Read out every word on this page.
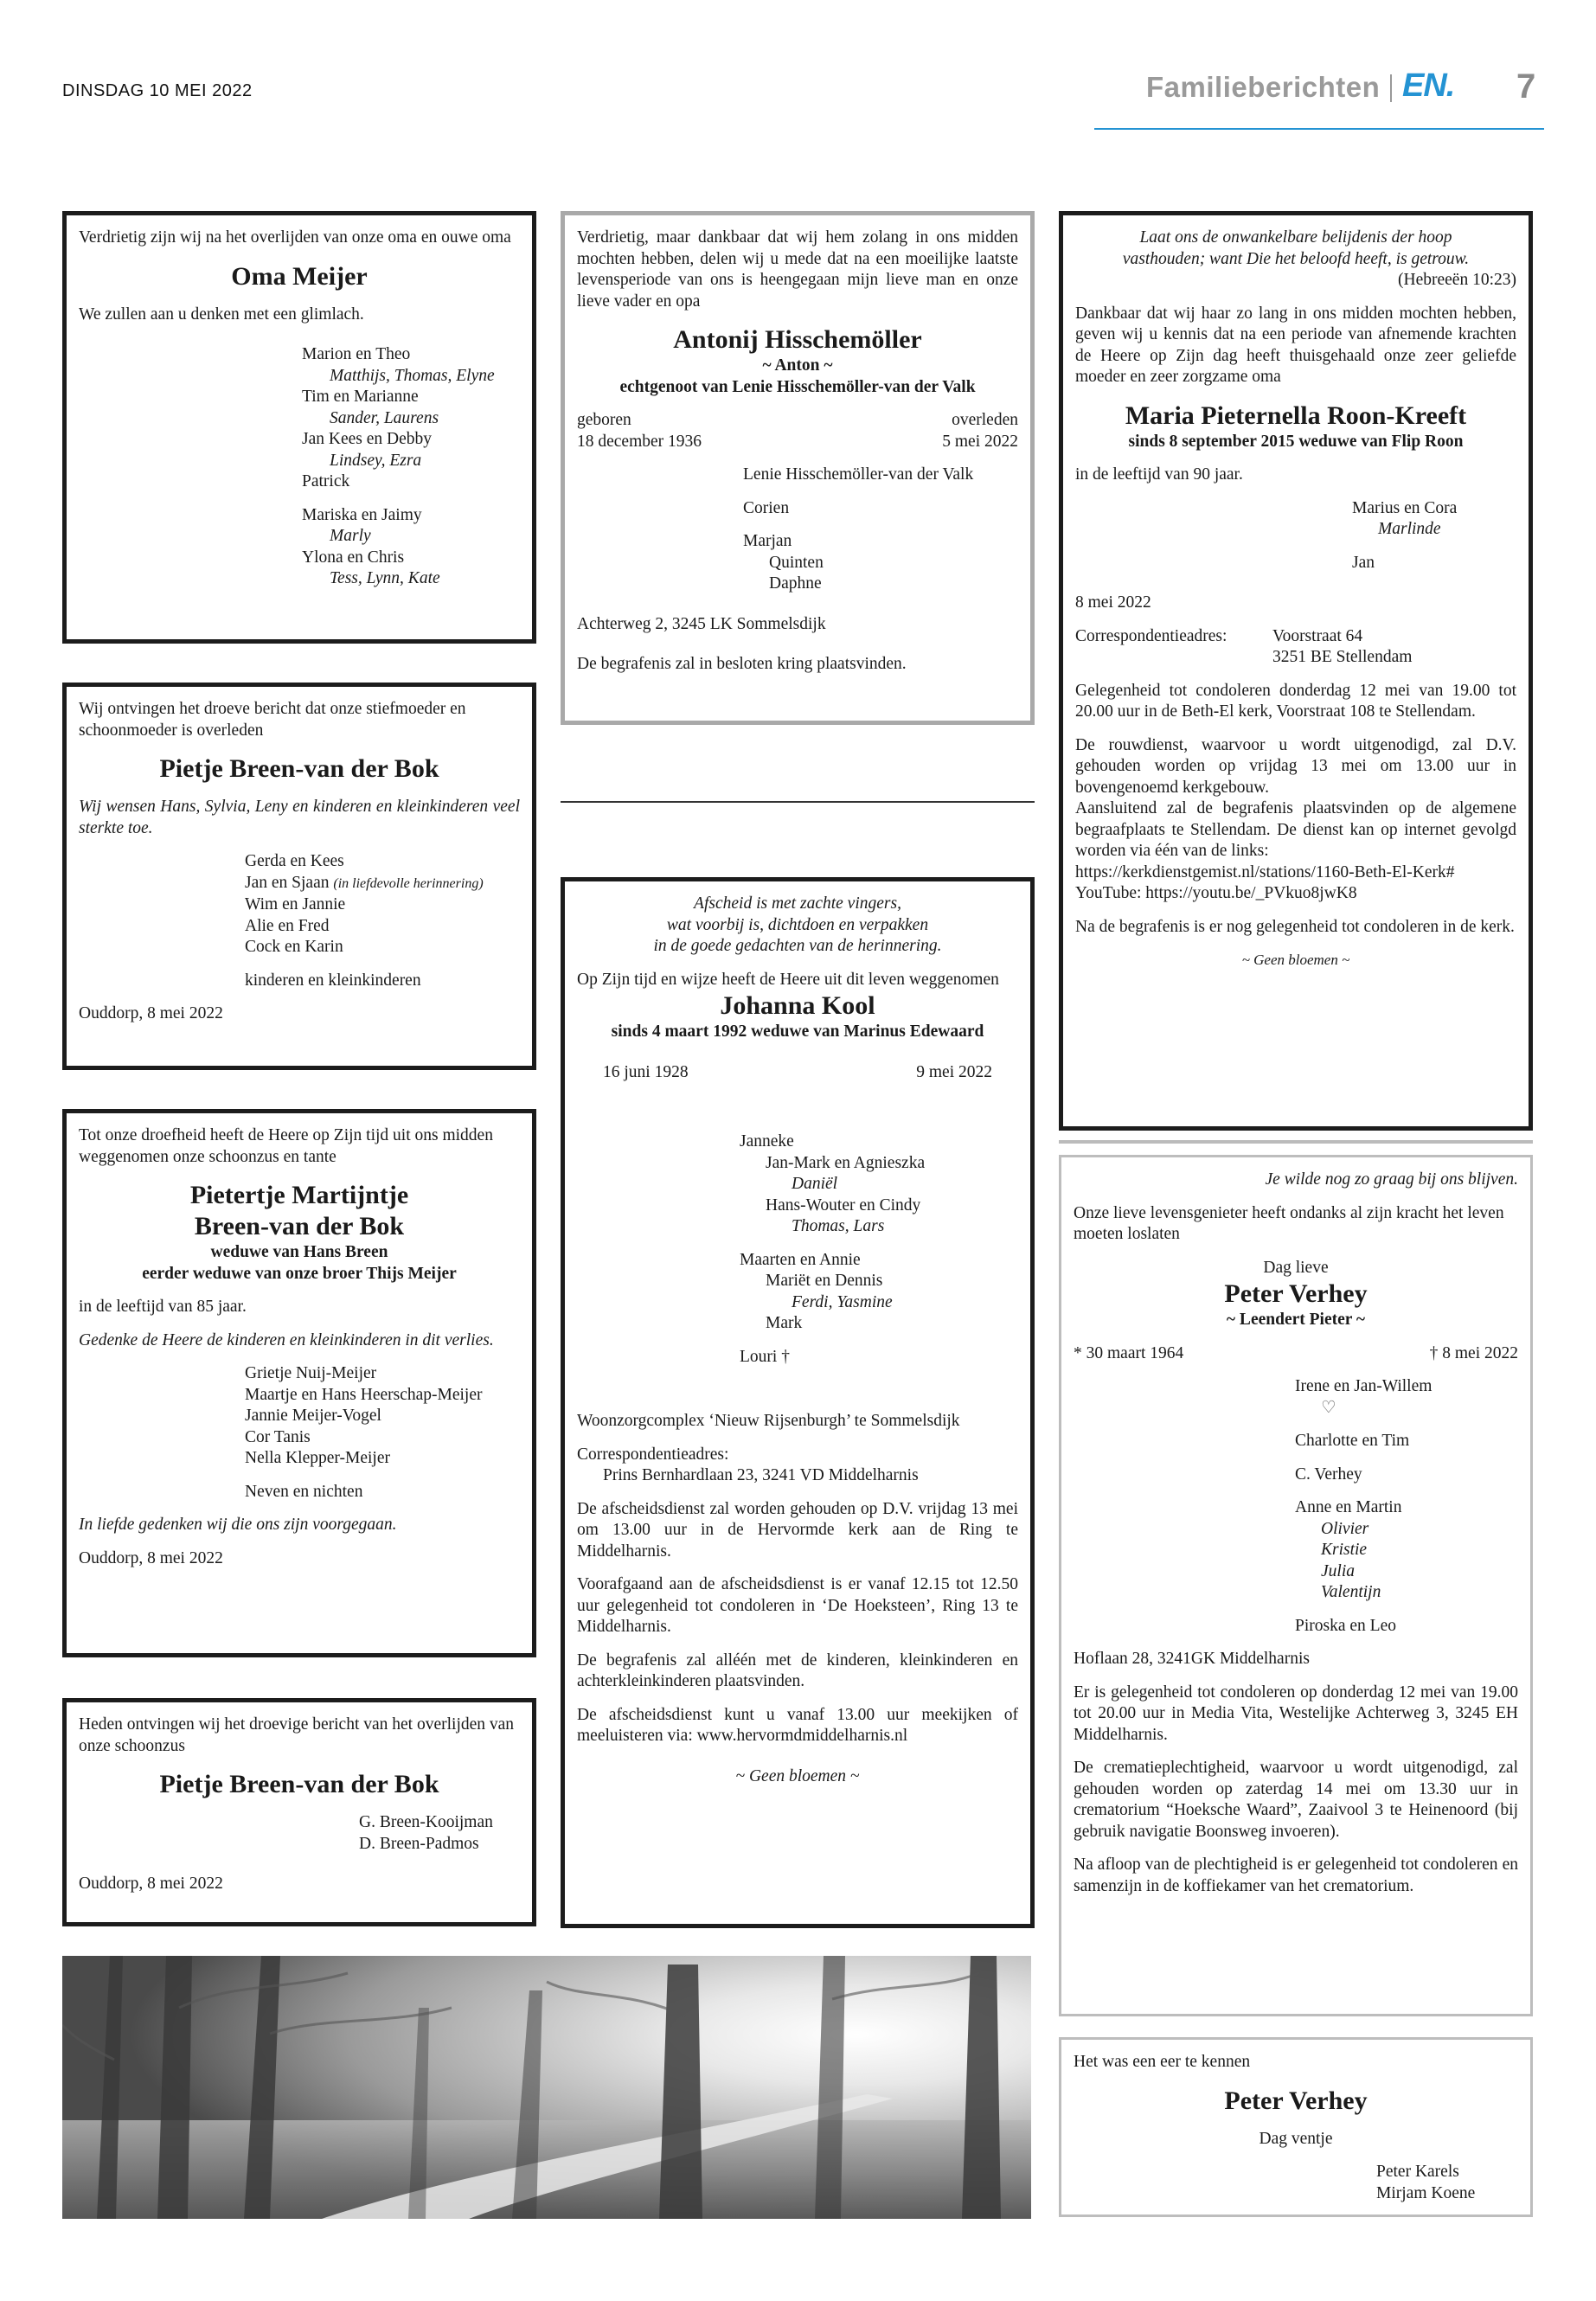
DINSDAG 10 MEI 2022	Familieberichten EN. 7

Verdrietig zijn wij na het overlijden van onze oma en ouwe oma

Oma Meijer

We zullen aan u denken met een glimlach.

Marion en Theo

Matthijs, Thomas, Elyne

Tim en Marianne

Sander, Laurens

Jan Kees en Debby

Lindsey, Ezra

Patrick

Mariska en Jaimy

Marly

Ylona en Chris

Tess, Lynn, Kate

Wij ontvingen het droeve bericht dat onze stiefmoeder en schoonmoeder is overleden

Pietje Breen-van der Bok

Wij wensen Hans, Sylvia, Leny en kinderen en kleinkinderen veel sterkte toe.

Gerda en Kees

Jan en Sjaan (in liefdevolle herinnering)

Wim en Jannie

Alie en Fred

Cock en Karin

kinderen en kleinkinderen

Ouddorp, 8 mei 2022

Tot onze droefheid heeft de Heere op Zijn tijd uit ons midden weggenomen onze schoonzus en tante

Pietertje Martijntje

Breen-van der Bok

weduwe van Hans Breen

eerder weduwe van onze broer Thijs Meijer

in de leeftijd van 85 jaar.

Gedenke de Heere de kinderen en kleinkinderen in dit verlies.

Grietje Nuij-Meijer

Maartje en Hans Heerschap-Meijer

Jannie Meijer-Vogel

Cor Tanis

Nella Klepper-Meijer

Neven en nichten

In liefde gedenken wij die ons zijn voorgegaan.

Ouddorp, 8 mei 2022

Heden ontvingen wij het droevige bericht van het overlijden van onze schoonzus

Pietje Breen-van der Bok

G. Breen-Kooijman

D. Breen-Padmos

Ouddorp, 8 mei 2022

Verdrietig, maar dankbaar dat wij hem zolang in ons midden mochten hebben, delen wij u mede dat na een moeilijke laatste levensperiode van ons is heengegaan mijn lieve man en onze lieve vader en opa

Antonij Hisschemöller

~ Anton ~

echtgenoot van Lenie Hisschemöller-van der Valk

geboren

18 december 1936

overleden

5 mei 2022

Lenie Hisschemöller-van der Valk

Corien

Marjan

Quinten

Daphne

Achterweg 2, 3245 LK Sommelsdijk

De begrafenis zal in besloten kring plaatsvinden.

Afscheid is met zachte vingers,

wat voorbij is, dichtdoen en verpakken

in de goede gedachten van de herinnering.

Op Zijn tijd en wijze heeft de Heere uit dit leven weggenomen

Johanna Kool

sinds 4 maart 1992 weduwe van Marinus Edewaard

16 juni 1928	9 mei 2022

Janneke

Jan-Mark en Agnieszka

Daniël

Hans-Wouter en Cindy

Thomas, Lars

Maarten en Annie

Mariët en Dennis

Ferdi, Yasmine

Mark

Louri †

Woonzorgcomplex ‘Nieuw Rijsenburgh’ te Sommelsdijk

Correspondentieadres:

Prins Bernhardlaan 23, 3241 VD Middelharnis

De afscheidsdienst zal worden gehouden op D.V. vrijdag 13 mei om 13.00 uur in de Hervormde kerk aan de Ring te Middelharnis.

Voorafgaand aan de afscheidsdienst is er vanaf 12.15 tot 12.50 uur gelegenheid tot condoleren in ‘De Hoeksteen’, Ring 13 te Middelharnis.

De begrafenis zal alléén met de kinderen, kleinkinderen en achterkleinkinderen plaatsvinden.

De afscheidsdienst kunt u vanaf 13.00 uur meekijken of meeluisteren via: www.hervormdmiddelharnis.nl

~ Geen bloemen ~

Laat ons de onwankelbare belijdenis der hoop

vasthouden; want Die het beloofd heeft, is getrouw.

(Hebreeën 10:23)

Dankbaar dat wij haar zo lang in ons midden mochten hebben, geven wij u kennis dat na een periode van afnemende krachten de Heere op Zijn dag heeft thuisgehaald onze zeer geliefde moeder en zeer zorgzame oma

Maria Pieternella Roon-Kreeft

sinds 8 september 2015 weduwe van Flip Roon

in de leeftijd van 90 jaar.

Marius en Cora

Marlinde

Jan

8 mei 2022

Correspondentieadres:	Voorstraat 64

3251 BE Stellendam

Gelegenheid tot condoleren donderdag 12 mei van 19.00 tot 20.00 uur in de Beth-El kerk, Voorstraat 108 te Stellendam.

De rouwdienst, waarvoor u wordt uitgenodigd, zal D.V. gehouden worden op vrijdag 13 mei om 13.00 uur in bovengenoemd kerkgebouw.

Aansluitend zal de begrafenis plaatsvinden op de algemene begraafplaats te Stellendam. De dienst kan op internet gevolgd worden via één van de links:

https://kerkdienstgemist.nl/stations/1160-Beth-El-Kerk#

YouTube: https://youtu.be/_PVkuo8jwK8

Na de begrafenis is er nog gelegenheid tot condoleren in de kerk.

~ Geen bloemen ~

Je wilde nog zo graag bij ons blijven.

Onze lieve levensgenieter heeft ondanks al zijn kracht het leven moeten loslaten

Dag lieve

Peter Verhey

~ Leendert Pieter ~

* 30 maart 1964	† 8 mei 2022

Irene en Jan-Willem

♡

Charlotte en Tim

C. Verhey

Anne en Martin

Olivier

Kristie

Julia

Valentijn

Piroska en Leo

Hoflaan 28, 3241GK Middelharnis

Er is gelegenheid tot condoleren op donderdag 12 mei van 19.00 tot 20.00 uur in Media Vita, Westelijke Achterweg 3, 3245 EH Middelharnis.

De crematieplechtigheid, waarvoor u wordt uitgenodigd, zal gehouden worden op zaterdag 14 mei om 13.30 uur in crematorium “Hoeksche Waard”, Zaaivool 3 te Heinenoord (bij gebruik navigatie Boonsweg invoeren).

Na afloop van de plechtigheid is er gelegenheid tot condoleren en samenzijn in de koffiekamer van het crematorium.

Het was een eer te kennen

Peter Verhey

Dag ventje

Peter Karels

Mirjam Koene
